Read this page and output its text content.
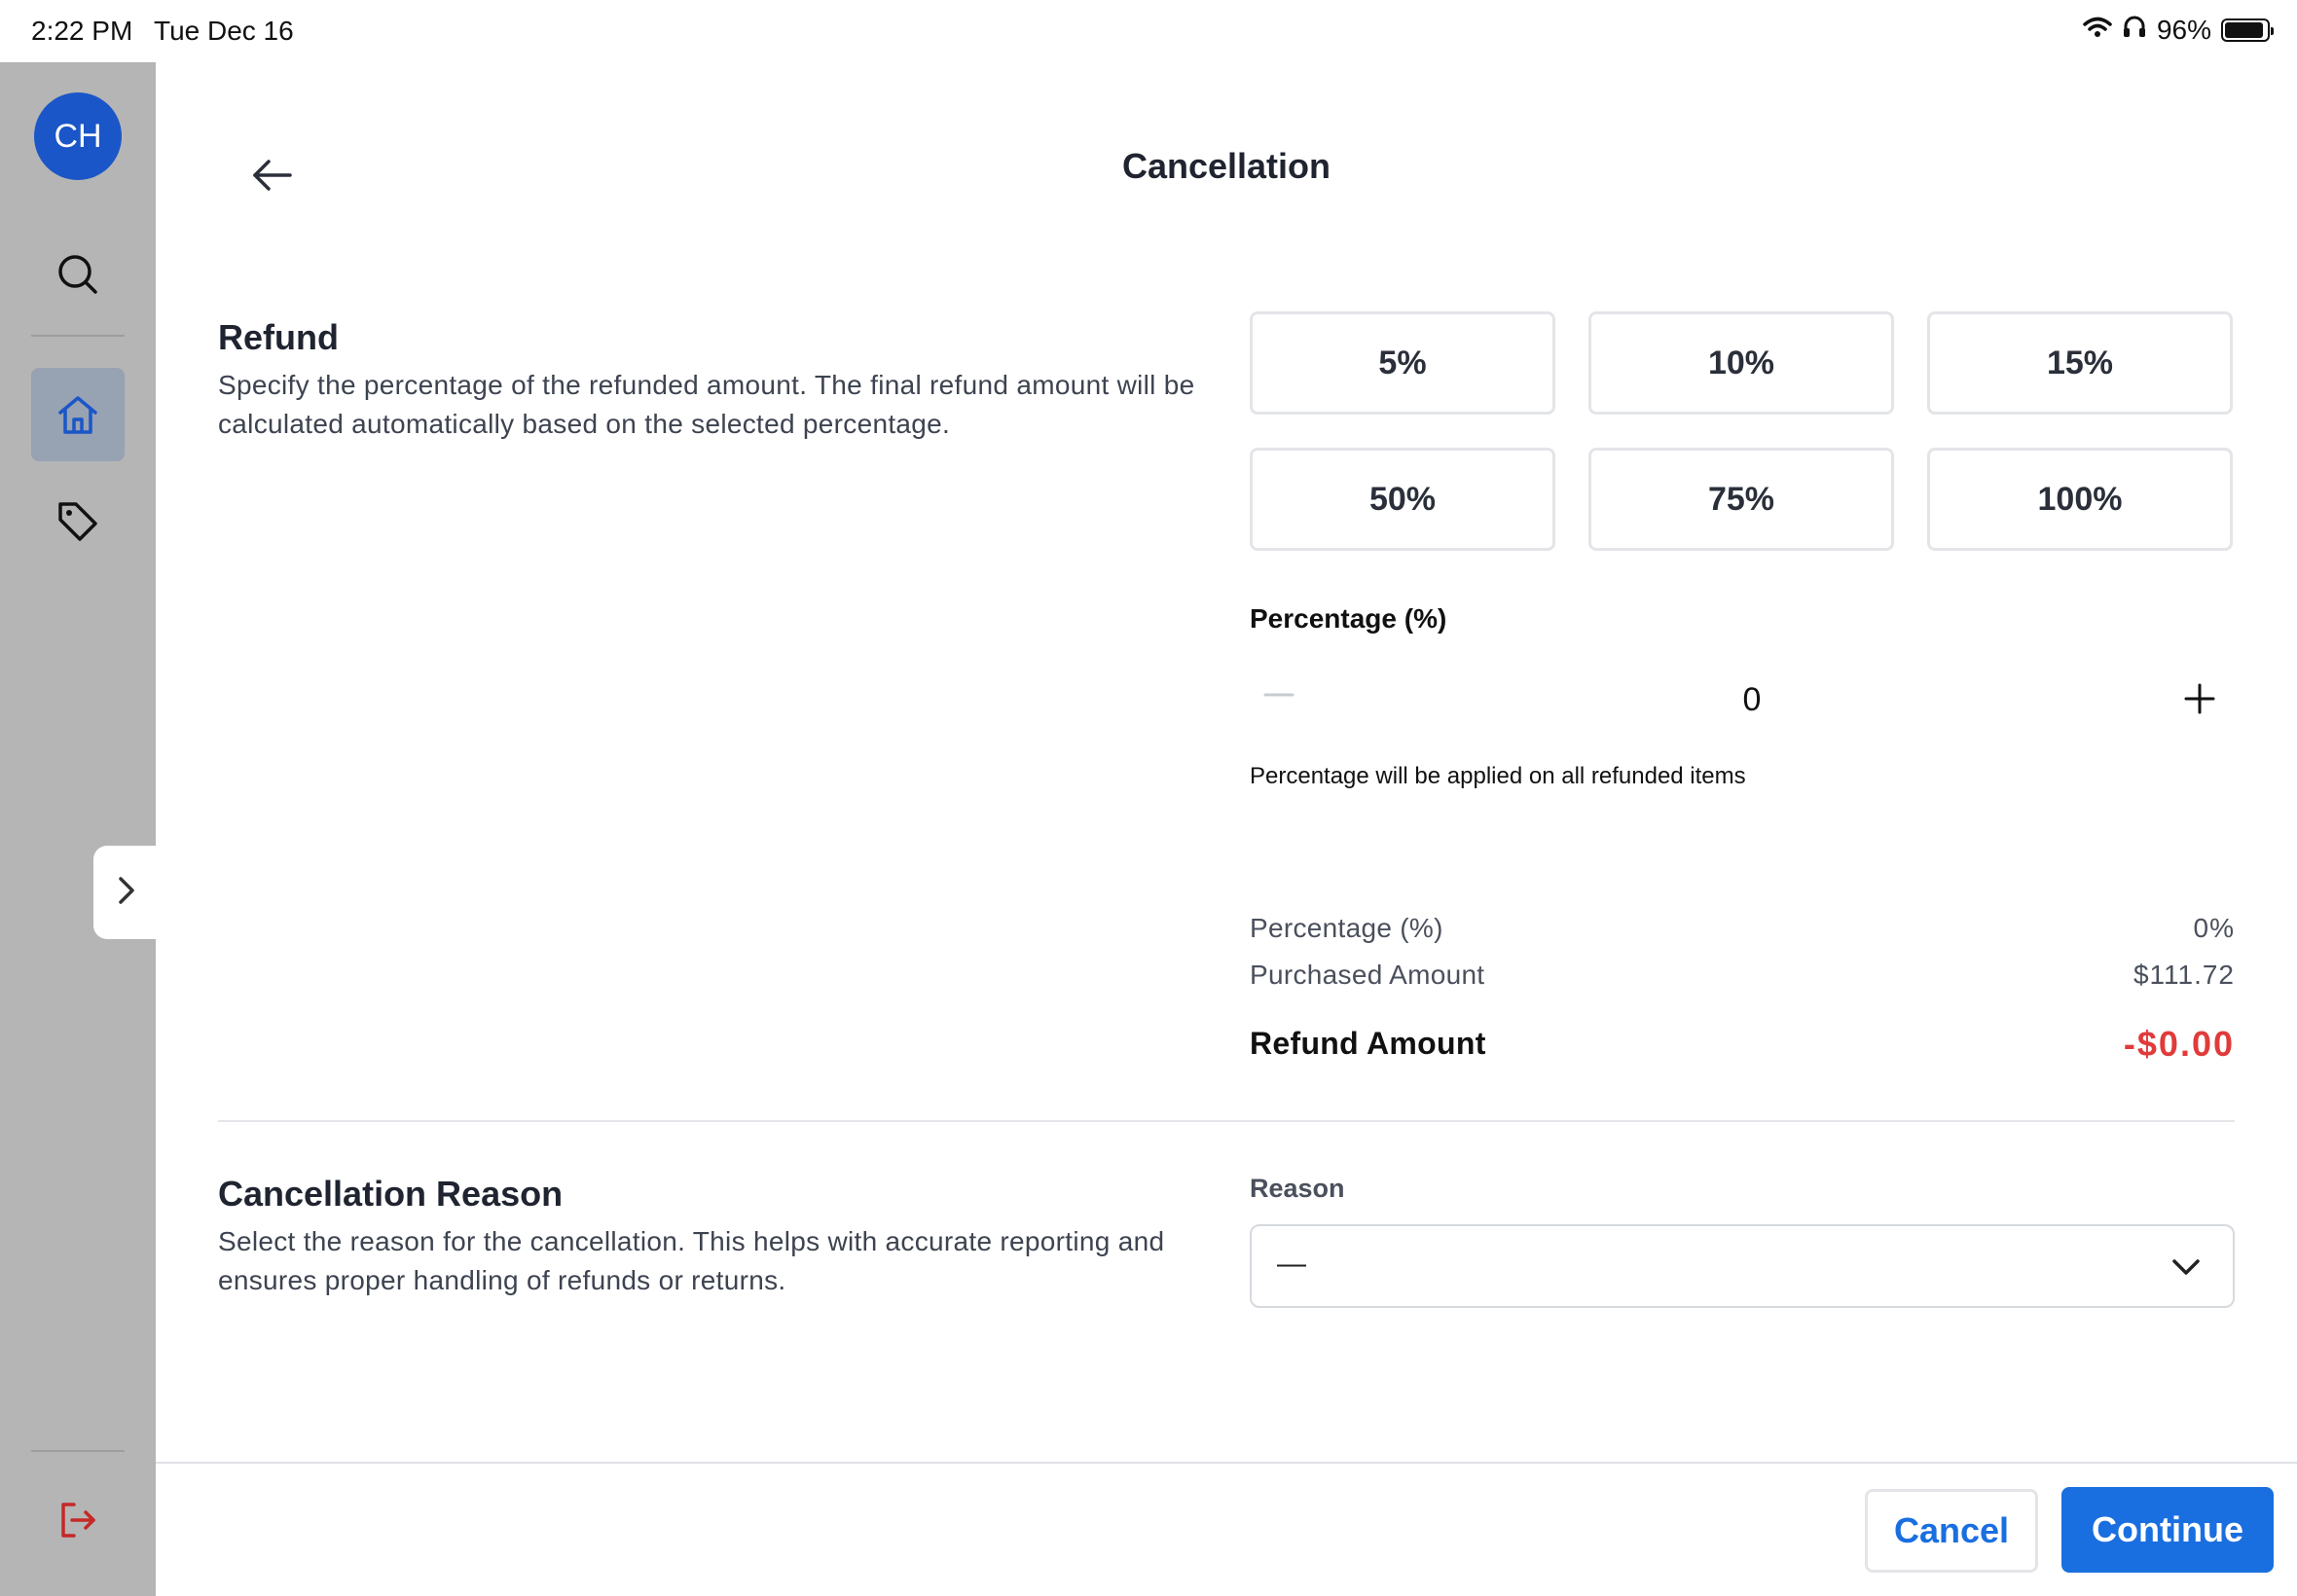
2:22 PM Tue Dec 16	96%
CH
Cancellation
Refund
Specify the percentage of the refunded amount. The final refund amount will be calculated automatically based on the selected percentage.
5%	10%	15%
50%	75%	100%
Percentage (%)
0
Percentage will be applied on all refunded items
Percentage (%)	0%
Purchased Amount	$111.72
Refund Amount	-$0.00
Cancellation Reason
Select the reason for the cancellation. This helps with accurate reporting and ensures proper handling of refunds or returns.
Reason
—
Cancel	Continue
